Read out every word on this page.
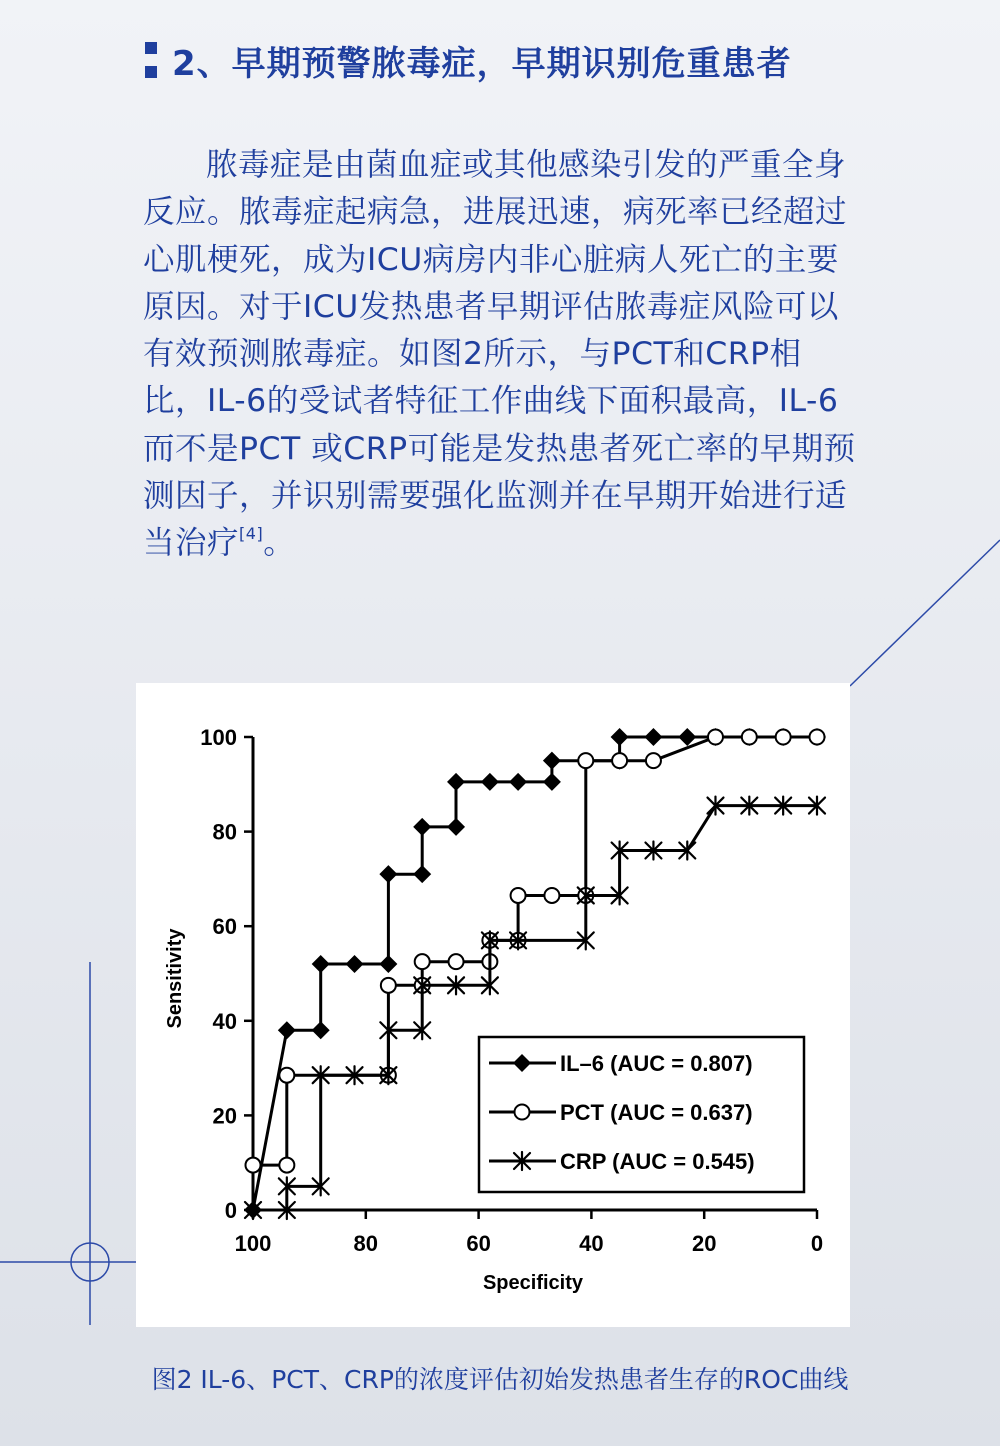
2、早期预警脓毒症，早期识别危重患者

脓毒症是由菌血症或其他感染引发的严重全身反应。脓毒症起病急，进展迅速，病死率已经超过心肌梗死，成为ICU病房内非心脏病人死亡的主要原因。对于ICU发热患者早期评估脓毒症风险可以有效预测脓毒症。如图2所示，与PCT和CRP相比，IL-6的受试者特征工作曲线下面积最高，IL-6而不是PCT 或CRP可能是发热患者死亡率的早期预测因子，并识别需要强化监测并在早期开始进行适当治疗[4]。

0
20
40
60
80
100
100	80	60	40	20	0
Specificity
Sensitivity
IL–6 (AUC = 0.807)
PCT (AUC = 0.637)
CRP (AUC = 0.545)
图2 IL-6、PCT、CRP的浓度评估初始发热患者生存的ROC曲线
